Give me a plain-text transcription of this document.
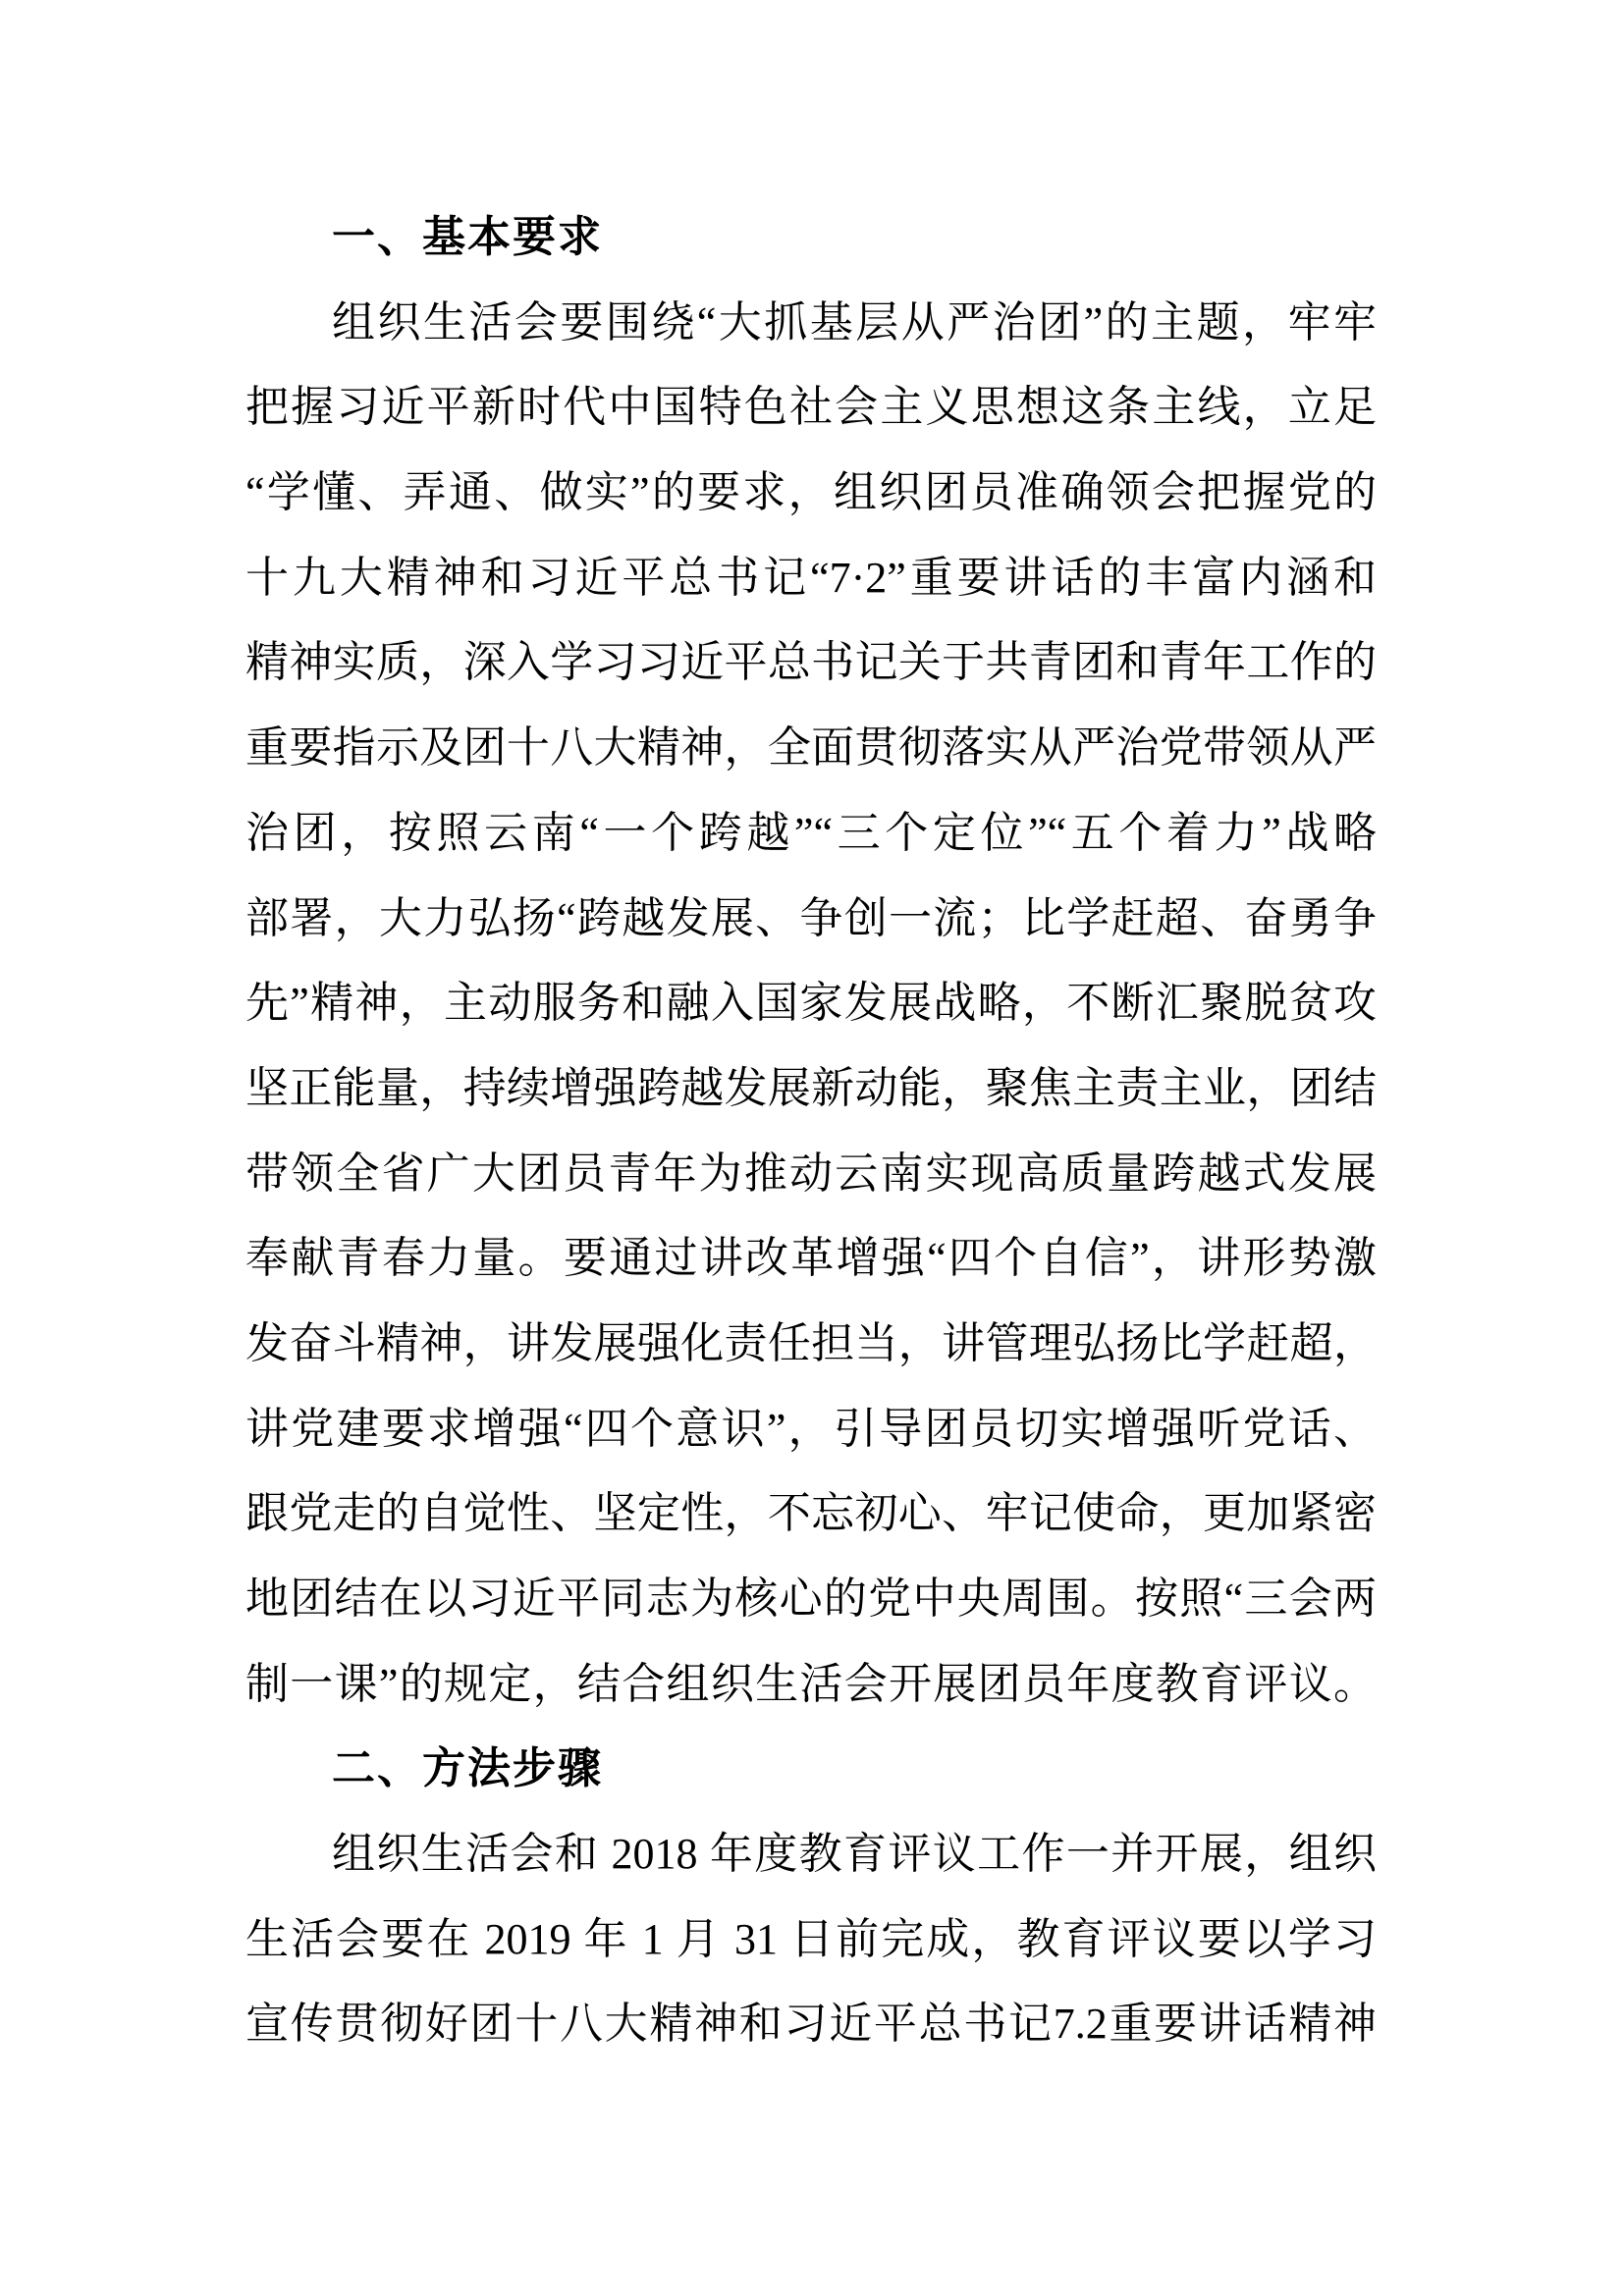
一、基本要求
组织生活会要围绕“大抓基层从严治团”的主题，牢牢
把握习近平新时代中国特色社会主义思想这条主线，立足
“学懂、弄通、做实”的要求，组织团员准确领会把握党的
十九大精神和习近平总书记“7·2”重要讲话的丰富内涵和
精神实质，深入学习习近平总书记关于共青团和青年工作的
重要指示及团十八大精神，全面贯彻落实从严治党带领从严
治团，按照云南“一个跨越”“三个定位”“五个着力”战略
部署，大力弘扬“跨越发展、争创一流；比学赶超、奋勇争
先”精神，主动服务和融入国家发展战略，不断汇聚脱贫攻
坚正能量，持续增强跨越发展新动能，聚焦主责主业，团结
带领全省广大团员青年为推动云南实现高质量跨越式发展
奉献青春力量。要通过讲改革增强“四个自信”，讲形势激
发奋斗精神，讲发展强化责任担当，讲管理弘扬比学赶超，
讲党建要求增强“四个意识”，引导团员切实增强听党话、
跟党走的自觉性、坚定性，不忘初心、牢记使命，更加紧密
地团结在以习近平同志为核心的党中央周围。按照“三会两
制一课”的规定，结合组织生活会开展团员年度教育评议。
二、方法步骤
组织生活会和 2018 年度教育评议工作一并开展，组织
生活会要在 2019 年 1 月 31 日前完成，教育评议要以学习
宣传贯彻好团十八大精神和习近平总书记7.2重要讲话精神
